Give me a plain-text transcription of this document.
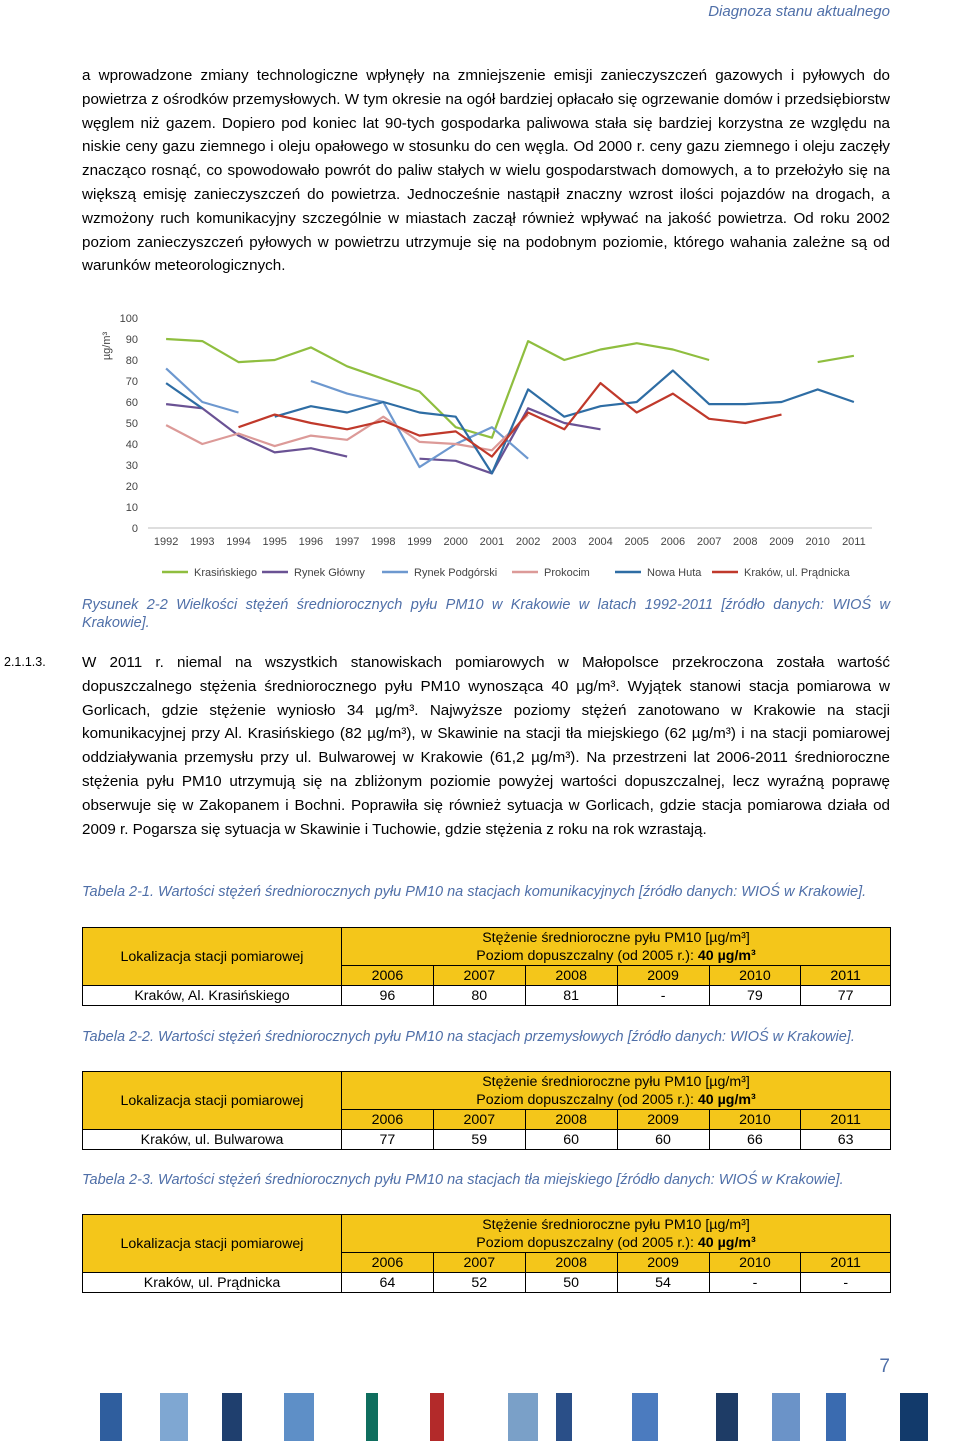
Diagnoza stanu aktualnego

a wprowadzone zmiany technologiczne wpłynęły na zmniejszenie emisji zanieczyszczeń gazowych i pyłowych do powietrza z ośrodków przemysłowych. W tym okresie na ogół bardziej opłacało się ogrzewanie domów i przedsiębiorstw węglem niż gazem. Dopiero pod koniec lat 90-tych gospodarka paliwowa stała się bardziej korzystna ze względu na niskie ceny gazu ziemnego i oleju opałowego w stosunku do cen węgla. Od 2000 r. ceny gazu ziemnego i oleju zaczęły znacząco rosnąć, co spowodowało powrót do paliw stałych w wielu gospodarstwach domowych, a to przełożyło się na większą emisję zanieczyszczeń do powietrza. Jednocześnie nastąpił znaczny wzrost ilości pojazdów na drogach, a wzmożony ruch komunikacyjny szczególnie w miastach zaczął również wpływać na jakość powietrza. Od roku 2002 poziom zanieczyszczeń pyłowych w powietrzu utrzymuje się na podobnym poziomie, którego wahania zależne są od warunków meteorologicznych.

µg/m³
0
10
20
30
40
50
60
70
80
90
100
1992 1993 1994 1995 1996 1997 1998 1999 2000 2001 2002 2003 2004 2005 2006 2007 2008 2009 2010 2011
Krasińskiego	Rynek Główny	Rynek Podgórski	Prokocim	Nowa Huta	Kraków, ul. Prądnicka

Rysunek 2-2 Wielkości stężeń średniorocznych pyłu PM10 w Krakowie w latach 1992-2011 [źródło danych: WIOŚ w Krakowie].

2.1.1.3. W 2011 r. niemal na wszystkich stanowiskach pomiarowych w Małopolsce przekroczona została wartość dopuszczalnego stężenia średniorocznego pyłu PM10 wynosząca 40 µg/m³. Wyjątek stanowi stacja pomiarowa w Gorlicach, gdzie stężenie wyniosło 34 µg/m³. Najwyższe poziomy stężeń zanotowano w Krakowie na stacji komunikacyjnej przy Al. Krasińskiego (82 µg/m³), w Skawinie na stacji tła miejskiego (62 µg/m³) i na stacji pomiarowej oddziaływania przemysłu przy ul. Bulwarowej w Krakowie (61,2 µg/m³). Na przestrzeni lat 2006-2011 średnioroczne stężenia pyłu PM10 utrzymują się na zbliżonym poziomie powyżej wartości dopuszczalnej, lecz wyraźną poprawę obserwuje się w Zakopanem i Bochni. Poprawiła się również sytuacja w Gorlicach, gdzie stacja pomiarowa działa od 2009 r. Pogarsza się sytuacja w Skawinie i Tuchowie, gdzie stężenia z roku na rok wzrastają.

Tabela 2-1. Wartości stężeń średniorocznych pyłu PM10 na stacjach komunikacyjnych [źródło danych: WIOŚ w Krakowie].

Lokalizacja stacji pomiarowej	Stężenie średnioroczne pyłu PM10 [µg/m³]
Poziom dopuszczalny (od 2005 r.): 40 µg/m³					
	2006	2007	2008	2009	2010	2011
Kraków, Al. Krasińskiego	96	80	81	-	79	77

Tabela 2-2. Wartości stężeń średniorocznych pyłu PM10 na stacjach przemysłowych [źródło danych: WIOŚ w Krakowie].

Lokalizacja stacji pomiarowej	Stężenie średnioroczne pyłu PM10 [µg/m³]
Poziom dopuszczalny (od 2005 r.): 40 µg/m³					
	2006	2007	2008	2009	2010	2011
Kraków, ul. Bulwarowa	77	59	60	60	66	63

Tabela 2-3. Wartości stężeń średniorocznych pyłu PM10 na stacjach tła miejskiego [źródło danych: WIOŚ w Krakowie].

Lokalizacja stacji pomiarowej	Stężenie średnioroczne pyłu PM10 [µg/m³]
Poziom dopuszczalny (od 2005 r.): 40 µg/m³					
	2006	2007	2008	2009	2010	2011
Kraków, ul. Prądnicka	64	52	50	54	-	-
7
